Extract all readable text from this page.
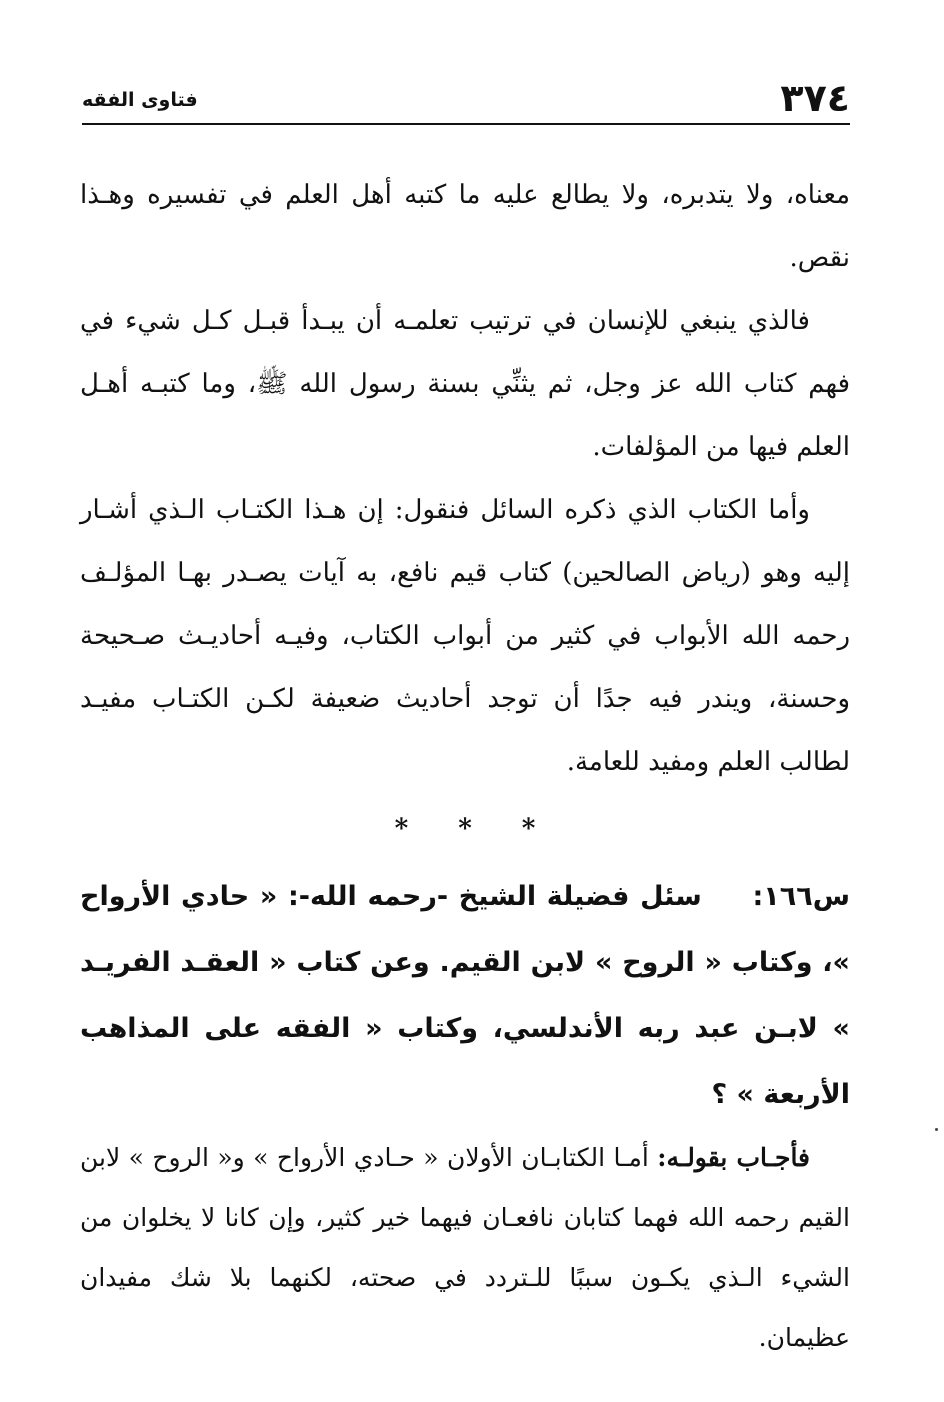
٣٧٤
فتاوى الفقه

معناه، ولا يتدبره، ولا يطالع عليه ما كتبه أهل العلم في تفسيره وهـذا نقص.

فالذي ينبغي للإنسان في ترتيب تعلمـه أن يبـدأ قبـل كـل شيء في فهم كتاب الله عز وجل، ثم يثنِّي بسنة رسول الله ﷺ، وما كتبـه أهـل العلم فيها من المؤلفات.

وأما الكتاب الذي ذكره السائل فنقول: إن هـذا الكتـاب الـذي أشـار إليه وهو (رياض الصالحين) كتاب قيم نافع، به آيات يصـدر بهـا المؤلـف رحمه الله الأبواب في كثير من أبواب الكتاب، وفيـه أحاديـث صـحيحة وحسنة، ويندر فيه جدًا أن توجد أحاديث ضعيفة لكـن الكتـاب مفيـد لطالب العلم ومفيد للعامة.

* * *

س١٦٦: سئل فضيلة الشيخ -رحمه الله-: « حادي الأرواح »، وكتاب « الروح » لابن القيم. وعن كتاب « العقـد الفريـد » لابـن عبد ربه الأندلسي، وكتاب « الفقه على المذاهب الأربعة » ؟

فأجـاب بقولـه: أمـا الكتابـان الأولان « حـادي الأرواح » و« الروح » لابن القيم رحمه الله فهما كتابان نافعـان فيهما خير كثير، وإن كانا لا يخلوان من الشيء الـذي يكـون سببًا للـتردد في صحته، لكنهما بلا شك مفيدان عظيمان.
